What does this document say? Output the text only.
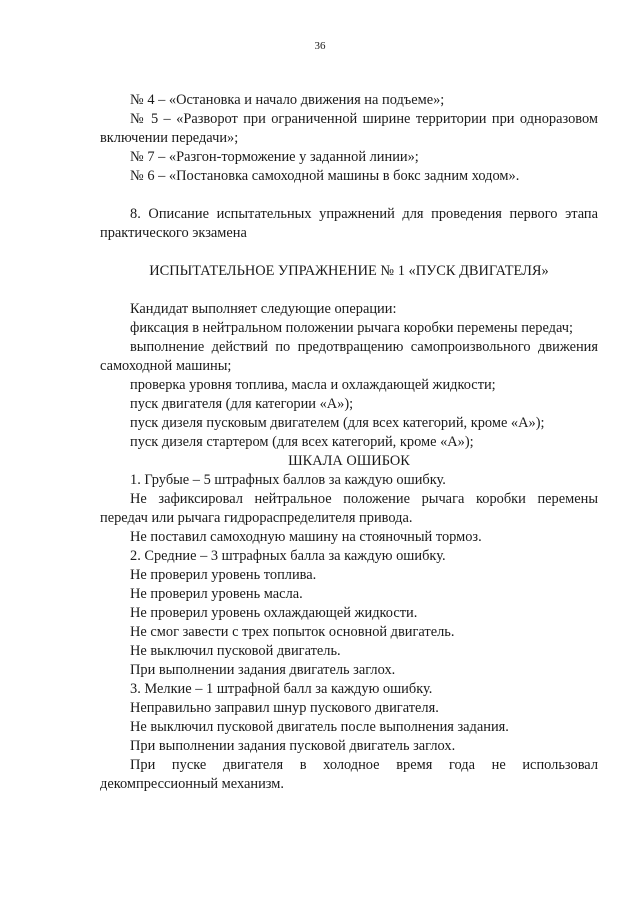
36

№ 4 – «Остановка и начало движения на подъеме»;

№ 5 – «Разворот при ограниченной ширине территории при одноразовом включении передачи»;

№ 7 – «Разгон-торможение у заданной линии»;

№ 6 – «Постановка самоходной машины в бокс задним ходом».

8. Описание испытательных упражнений для проведения первого этапа практического экзамена

ИСПЫТАТЕЛЬНОЕ УПРАЖНЕНИЕ № 1 «ПУСК ДВИГАТЕЛЯ»

Кандидат выполняет следующие операции:

фиксация в нейтральном положении рычага коробки перемены передач;

выполнение действий по предотвращению самопроизвольного движения самоходной машины;

проверка уровня топлива, масла и охлаждающей жидкости;

пуск двигателя (для категории «А»);

пуск дизеля пусковым двигателем (для всех категорий, кроме «А»);

пуск дизеля стартером (для всех категорий, кроме «А»);

ШКАЛА ОШИБОК

1. Грубые – 5 штрафных баллов за каждую ошибку.

Не зафиксировал нейтральное положение рычага коробки перемены передач или рычага гидрораспределителя привода.

Не поставил самоходную машину на стояночный тормоз.

2. Средние – 3 штрафных балла за каждую ошибку.

Не проверил уровень топлива.

Не проверил уровень масла.

Не проверил уровень охлаждающей жидкости.

Не смог завести с трех попыток основной двигатель.

Не выключил пусковой двигатель.

При выполнении задания двигатель заглох.

3. Мелкие – 1 штрафной балл за каждую ошибку.

Неправильно заправил шнур пускового двигателя.

Не выключил пусковой двигатель после выполнения задания.

При выполнении задания пусковой двигатель заглох.

При пуске двигателя в холодное время года не использовал декомпрессионный механизм.
